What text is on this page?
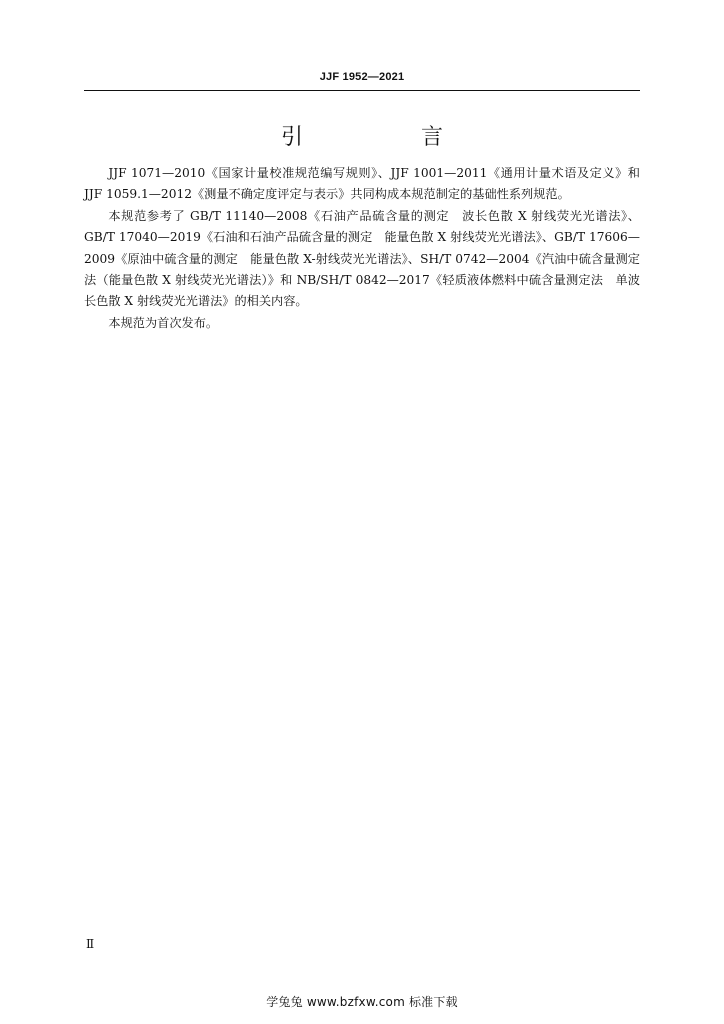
JJF 1952—2021
引　言

JJF 1071—2010《国家计量校准规范编写规则》、JJF 1001—2011《通用计量术语及定义》和 JJF 1059.1—2012《测量不确定度评定与表示》共同构成本规范制定的基础性系列规范。

本规范参考了 GB/T 11140—2008《石油产品硫含量的测定　波长色散 X 射线荧光光谱法》、GB/T 17040—2019《石油和石油产品硫含量的测定　能量色散 X 射线荧光光谱法》、GB/T 17606—2009《原油中硫含量的测定　能量色散 X-射线荧光光谱法》、SH/T 0742—2004《汽油中硫含量测定法（能量色散 X 射线荧光光谱法）》和 NB/SH/T 0842—2017《轻质液体燃料中硫含量测定法　单波长色散 X 射线荧光光谱法》的相关内容。

本规范为首次发布。

Ⅱ
学兔兔 www.bzfxw.com 标准下载
